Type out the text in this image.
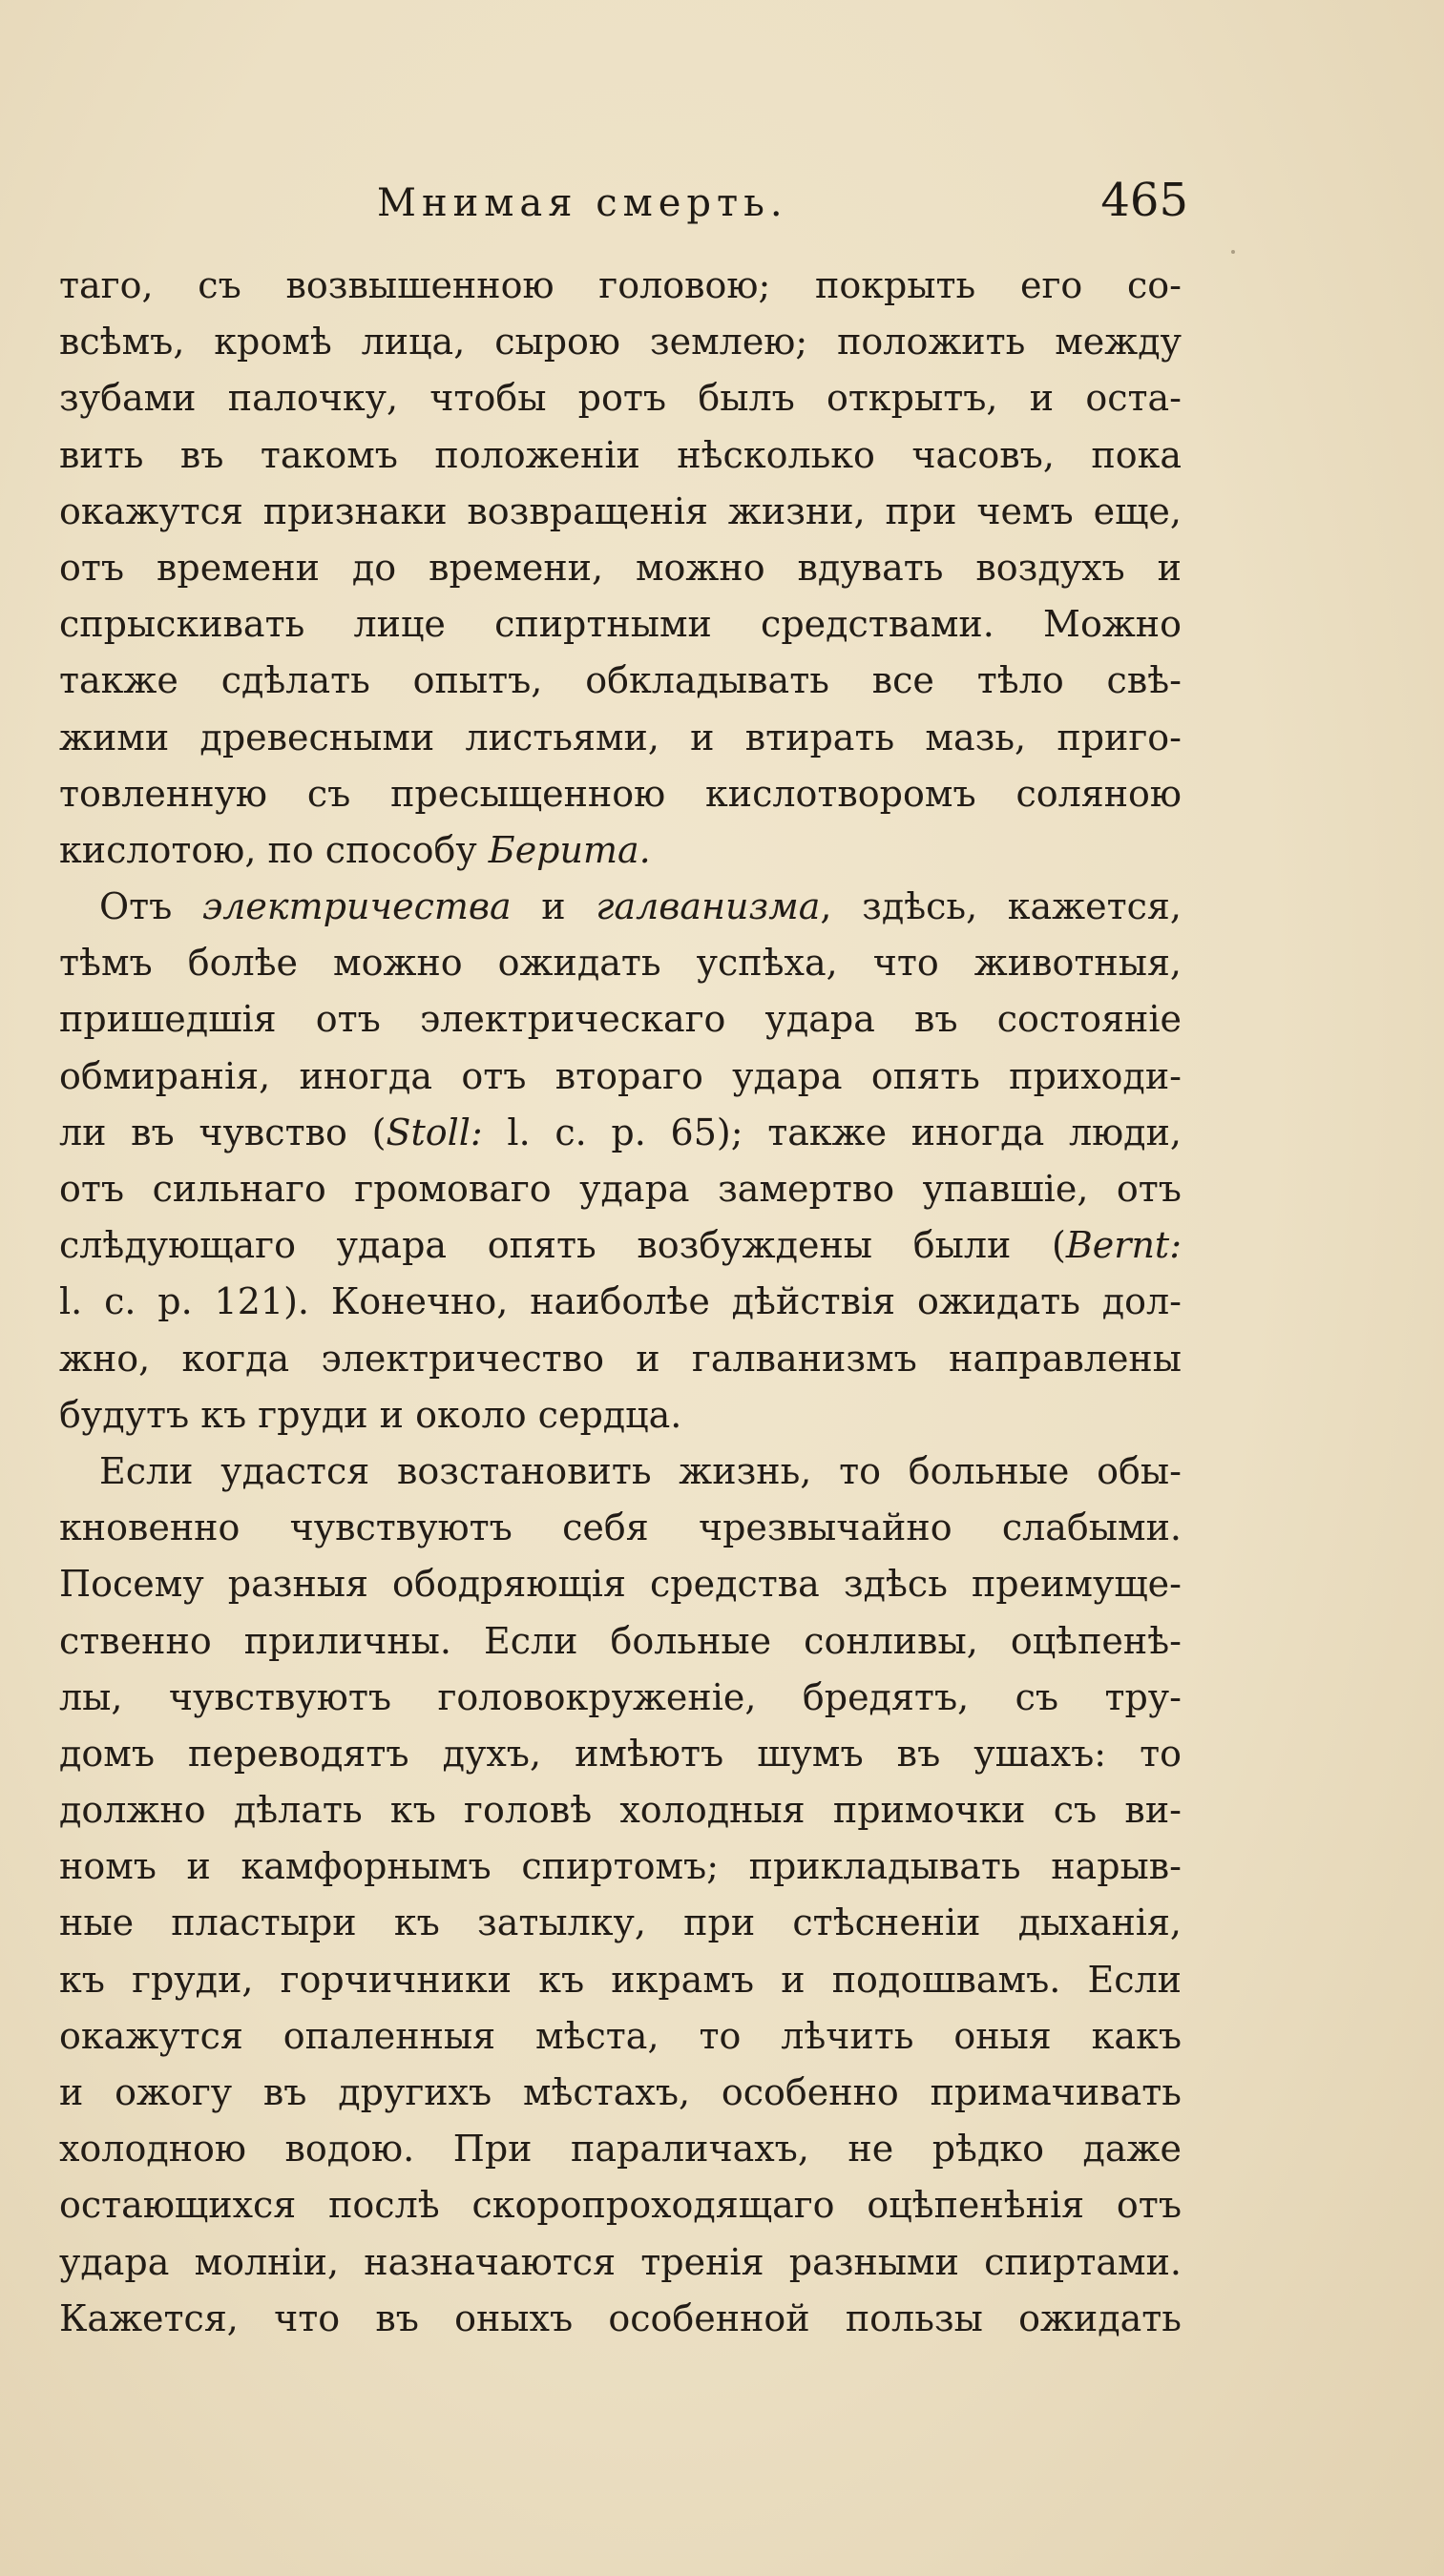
Мнимая смерть.	465
таго, съ возвышенною головою; покрыть его со-
всѣмъ, кромѣ лица, сырою землею; положить между
зубами палочку, чтобы ротъ былъ открытъ, и оста-
вить въ такомъ положеніи нѣсколько часовъ, пока
окажутся признаки возвращенія жизни, при чемъ еще,
отъ времени до времени, можно вдувать воздухъ и
спрыскивать лице спиртными средствами. Можно
также сдѣлать опытъ, обкладывать все тѣло свѣ-
жими древесными листьями, и втирать мазь, приго-
товленную съ пресыщенною кислотворомъ соляною
кислотою, по способу Берита.
Отъ электричества и галванизма, здѣсь, кажется,
тѣмъ болѣе можно ожидать успѣха, что животныя,
пришедшія отъ электрическаго удара въ состояніе
обмиранія, иногда отъ втораго удара опять приходи-
ли въ чувство (Stoll: l. c. p. 65); также иногда люди,
отъ сильнаго громоваго удара замертво упавшіе, отъ
слѣдующаго удара опять возбуждены были (Bernt:
l. c. p. 121). Конечно, наиболѣе дѣйствія ожидать дол-
жно, когда электричество и галванизмъ направлены
будутъ къ груди и около сердца.
Если удастся возстановить жизнь, то больные обы-
кновенно чувствуютъ себя чрезвычайно слабыми.
Посему разныя ободряющія средства здѣсь преимуще-
ственно приличны. Если больные сонливы, оцѣпенѣ-
лы, чувствуютъ головокруженіе, бредятъ, съ тру-
домъ переводятъ духъ, имѣютъ шумъ въ ушахъ: то
должно дѣлать къ головѣ холодныя примочки съ ви-
номъ и камфорнымъ спиртомъ; прикладывать нарыв-
ные пластыри къ затылку, при стѣсненіи дыханія,
къ груди, горчичники къ икрамъ и подошвамъ. Если
окажутся опаленныя мѣста, то лѣчить оныя какъ
и ожогу въ другихъ мѣстахъ, особенно примачивать
холодною водою. При параличахъ, не рѣдко даже
остающихся послѣ скоропроходящаго оцѣпенѣнія отъ
удара молніи, назначаются тренія разными спиртами.
Кажется, что въ оныхъ особенной пользы ожидать
